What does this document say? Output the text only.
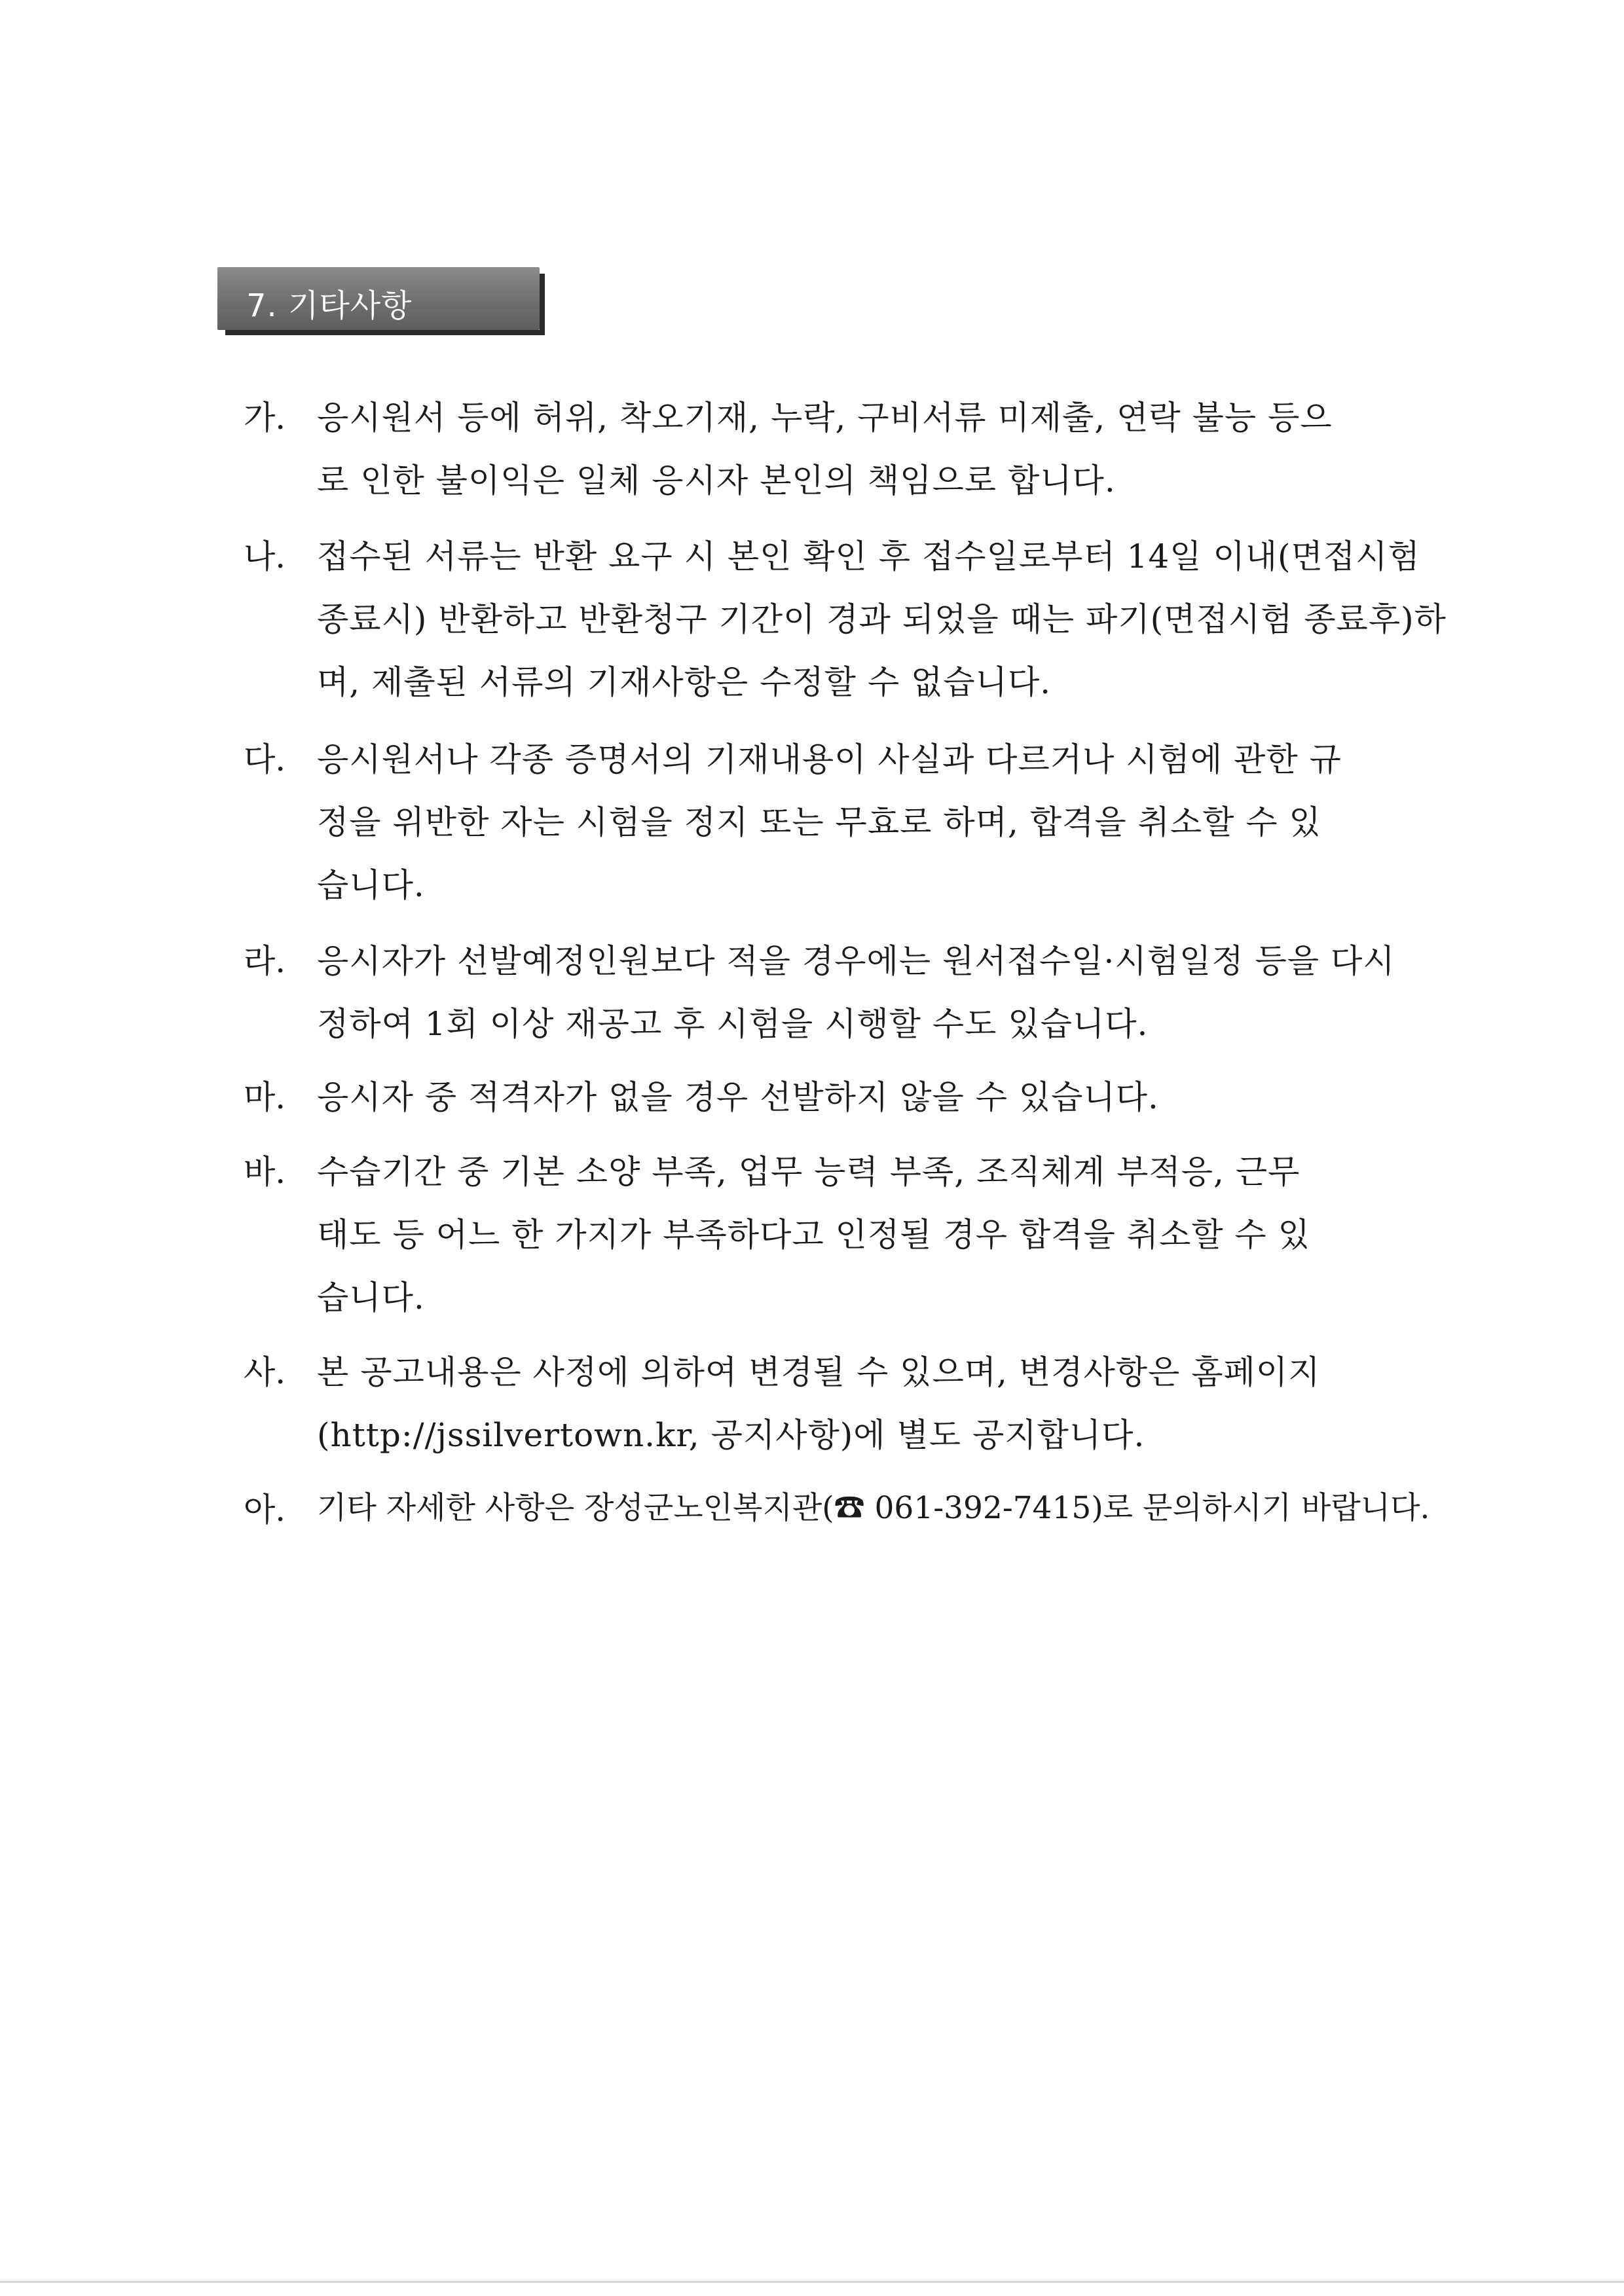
7. 기타사항
가. 응시원서 등에 허위, 착오기재, 누락, 구비서류 미제출, 연락 불능 등으
로 인한 불이익은 일체 응시자 본인의 책임으로 합니다.
나. 접수된 서류는 반환 요구 시 본인 확인 후 접수일로부터 14일 이내(면접시험
종료시) 반환하고 반환청구 기간이 경과 되었을 때는 파기(면접시험 종료후)하
며, 제출된 서류의 기재사항은 수정할 수 없습니다.
다. 응시원서나 각종 증명서의 기재내용이 사실과 다르거나 시험에 관한 규
정을 위반한 자는 시험을 정지 또는 무효로 하며, 합격을 취소할 수 있
습니다.
라. 응시자가 선발예정인원보다 적을 경우에는 원서접수일·시험일정 등을 다시
정하여 1회 이상 재공고 후 시험을 시행할 수도 있습니다.
마. 응시자 중 적격자가 없을 경우 선발하지 않을 수 있습니다.
바. 수습기간 중 기본 소양 부족, 업무 능력 부족, 조직체계 부적응, 근무
태도 등 어느 한 가지가 부족하다고 인정될 경우 합격을 취소할 수 있
습니다.
사. 본 공고내용은 사정에 의하여 변경될 수 있으며, 변경사항은 홈페이지
(http://jssilvertown.kr, 공지사항)에 별도 공지합니다.
아. 기타 자세한 사항은 장성군노인복지관(☎ 061-392-7415)로 문의하시기 바랍니다.
